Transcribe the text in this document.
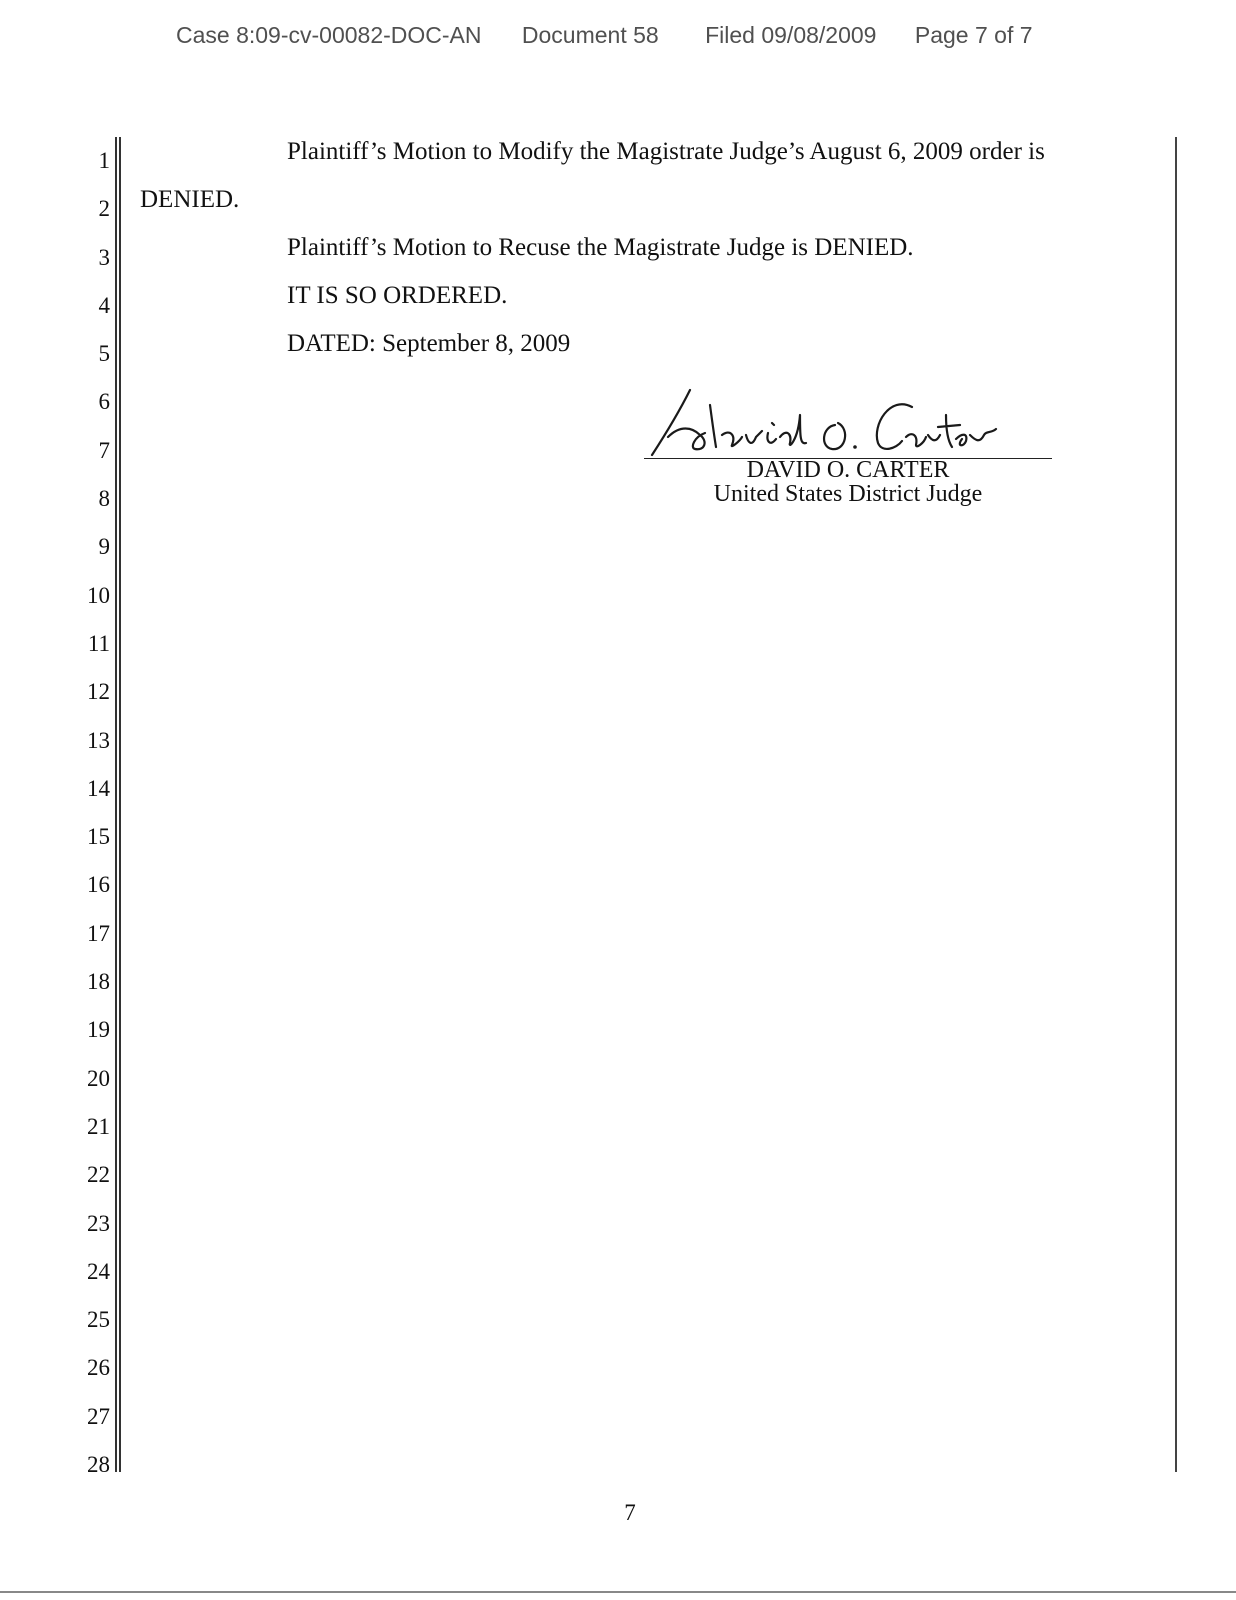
Case 8:09-cv-00082-DOC-AN Document 58 Filed 09/08/2009 Page 7 of 7
1
2
3
4
5
6
7
8
9
10
11
12
13
14
15
16
17
18
19
20
21
22
23
24
25
26
27
28
Plaintiff’s Motion to Modify the Magistrate Judge’s August 6, 2009 order is
DENIED.
Plaintiff’s Motion to Recuse the Magistrate Judge is DENIED.
IT IS SO ORDERED.
DATED: September 8, 2009
DAVID O. CARTER
United States District Judge
7
